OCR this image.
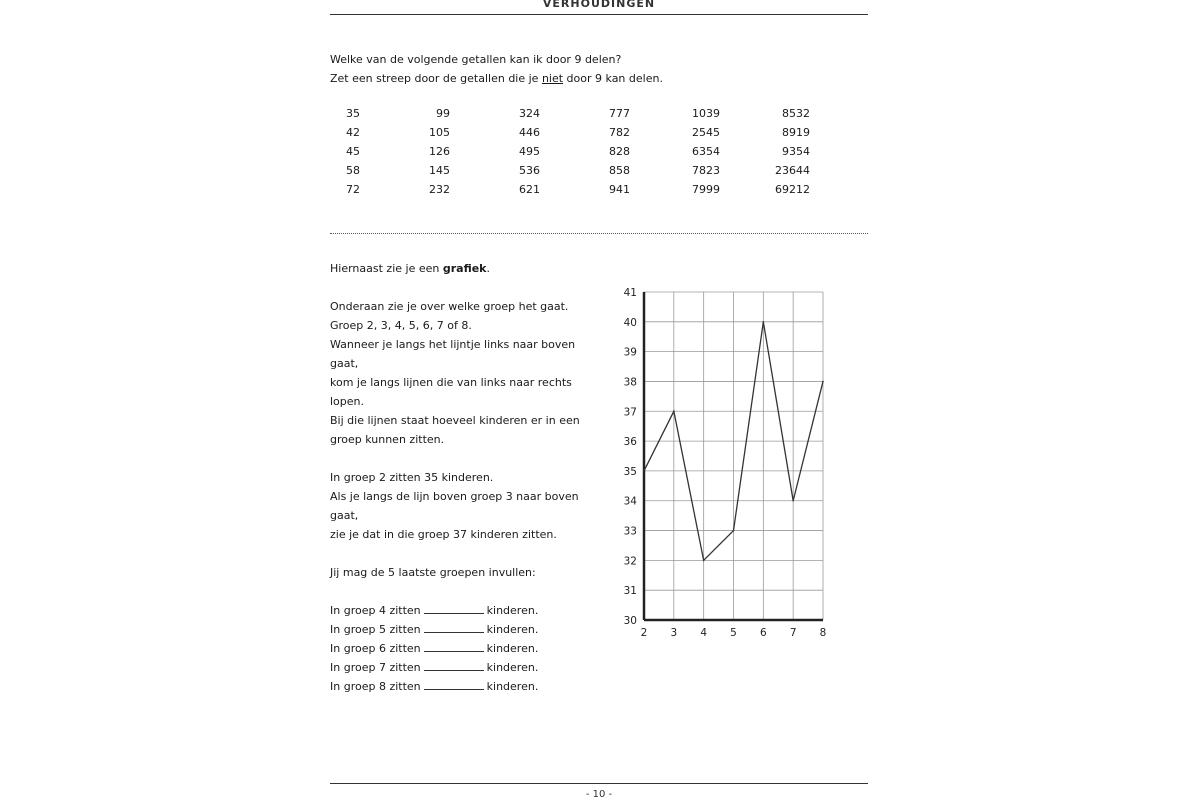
VERHOUDINGEN
Welke van de volgende getallen kan ik door 9 delen?
Zet een streep door de getallen die je niet door 9 kan delen.
35	99	324	777	1039	8532
42	105	446	782	2545	8919
45	126	495	828	6354	9354
58	145	536	858	7823	23644
72	232	621	941	7999	69212

Hiernaast zie je een grafiek.

Onderaan zie je over welke groep het gaat.

Groep 2, 3, 4, 5, 6, 7 of 8.

Wanneer je langs het lijntje links naar boven gaat,

kom je langs lijnen die van links naar rechts lopen.

Bij die lijnen staat hoeveel kinderen er in een

groep kunnen zitten.

In groep 2 zitten 35 kinderen.

Als je langs de lijn boven groep 3 naar boven gaat,

zie je dat in die groep 37 kinderen zitten.

Jij mag de 5 laatste groepen invullen:

In groep 4 zitten	kinderen.

In groep 5 zitten	kinderen.

In groep 6 zitten	kinderen.

In groep 7 zitten	kinderen.

In groep 8 zitten	kinderen.

30
31
32
33
34
35
36
37
38
39
40
41
2 3 4 5 6 7 8
- 10 -
